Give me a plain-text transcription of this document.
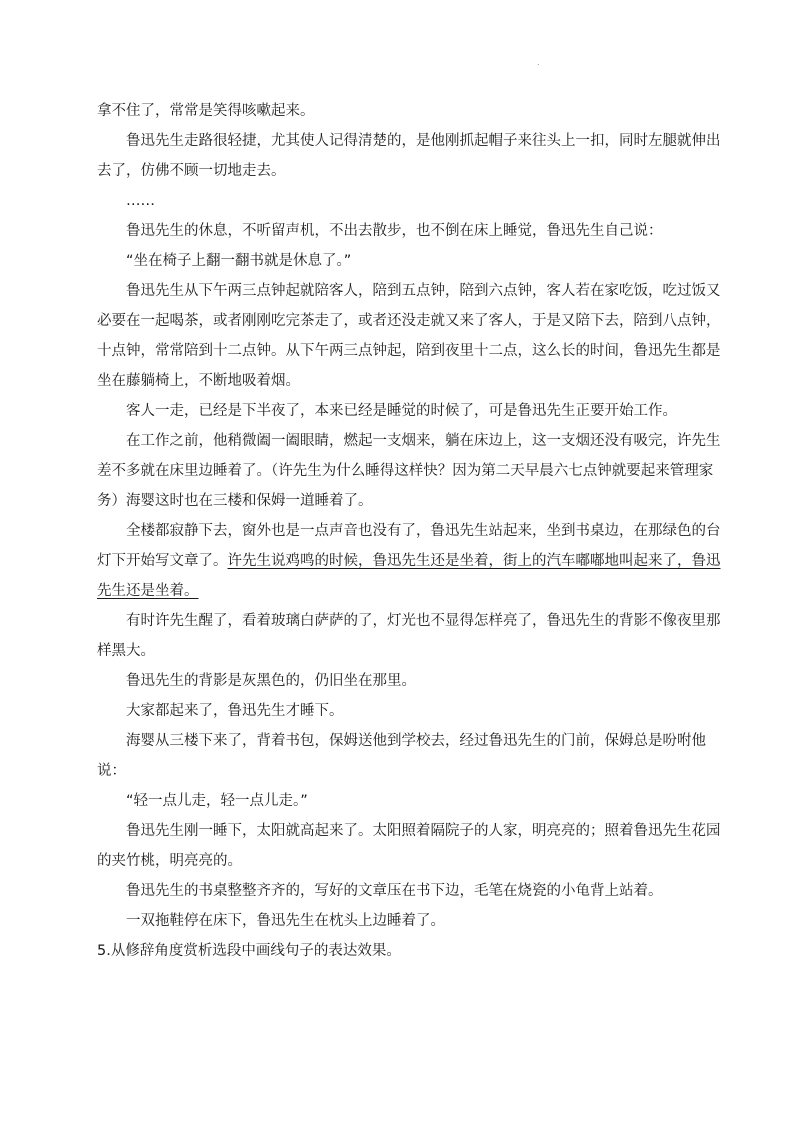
.

拿不住了，常常是笑得咳嗽起来。

鲁迅先生走路很轻捷，尤其使人记得清楚的，是他刚抓起帽子来往头上一扣，同时左腿就伸出去了，仿佛不顾一切地走去。

……

鲁迅先生的休息，不听留声机，不出去散步，也不倒在床上睡觉，鲁迅先生自己说：

“坐在椅子上翻一翻书就是休息了。”

鲁迅先生从下午两三点钟起就陪客人，陪到五点钟，陪到六点钟，客人若在家吃饭，吃过饭又必要在一起喝茶，或者刚刚吃完茶走了，或者还没走就又来了客人，于是又陪下去，陪到八点钟，十点钟，常常陪到十二点钟。从下午两三点钟起，陪到夜里十二点，这么长的时间，鲁迅先生都是坐在藤躺椅上，不断地吸着烟。

客人一走，已经是下半夜了，本来已经是睡觉的时候了，可是鲁迅先生正要开始工作。

在工作之前，他稍微阖一阖眼睛，燃起一支烟来，躺在床边上，这一支烟还没有吸完，许先生差不多就在床里边睡着了。（许先生为什么睡得这样快？因为第二天早晨六七点钟就要起来管理家务）海婴这时也在三楼和保姆一道睡着了。

全楼都寂静下去，窗外也是一点声音也没有了，鲁迅先生站起来，坐到书桌边，在那绿色的台灯下开始写文章了。许先生说鸡鸣的时候，鲁迅先生还是坐着，街上的汽车嘟嘟地叫起来了，鲁迅先生还是坐着。

有时许先生醒了，看着玻璃白萨萨的了，灯光也不显得怎样亮了，鲁迅先生的背影不像夜里那样黑大。

鲁迅先生的背影是灰黑色的，仍旧坐在那里。

大家都起来了，鲁迅先生才睡下。

海婴从三楼下来了，背着书包，保姆送他到学校去，经过鲁迅先生的门前，保姆总是吩咐他说：

“轻一点儿走，轻一点儿走。”

鲁迅先生刚一睡下，太阳就高起来了。太阳照着隔院子的人家，明亮亮的；照着鲁迅先生花园的夹竹桃，明亮亮的。

鲁迅先生的书桌整整齐齐的，写好的文章压在书下边，毛笔在烧瓷的小龟背上站着。

一双拖鞋停在床下，鲁迅先生在枕头上边睡着了。

5.从修辞角度赏析选段中画线句子的表达效果。
